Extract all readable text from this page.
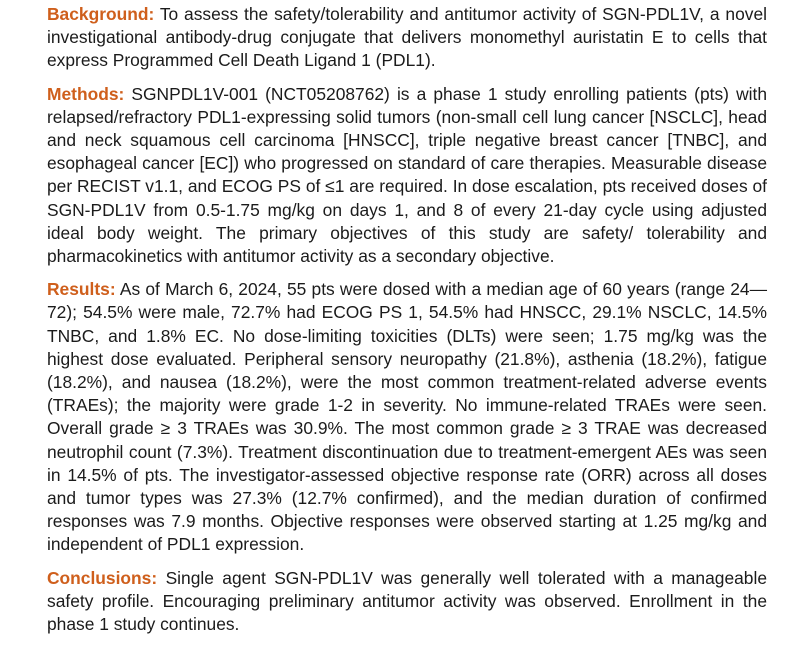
Background: To assess the safety/tolerability and antitumor activity of SGN-PDL1V, a novel investigational antibody-drug conjugate that delivers monomethyl auristatin E to cells that express Programmed Cell Death Ligand 1 (PDL1).

Methods: SGNPDL1V-001 (NCT05208762) is a phase 1 study enrolling patients (pts) with relapsed/refractory PDL1-expressing solid tumors (non-small cell lung cancer [NSCLC], head and neck squamous cell carcinoma [HNSCC], triple negative breast cancer [TNBC], and esophageal cancer [EC]) who progressed on standard of care therapies. Measurable disease per RECIST v1.1, and ECOG PS of ≤1 are required. In dose escalation, pts received doses of SGN-PDL1V from 0.5-1.75 mg/kg on days 1, and 8 of every 21-day cycle using adjusted ideal body weight. The primary objectives of this study are safety/ tolerability and pharmacokinetics with antitumor activity as a secondary objective.

Results: As of March 6, 2024, 55 pts were dosed with a median age of 60 years (range 24—72); 54.5% were male, 72.7% had ECOG PS 1, 54.5% had HNSCC, 29.1% NSCLC, 14.5% TNBC, and 1.8% EC. No dose-limiting toxicities (DLTs) were seen; 1.75 mg/kg was the highest dose evaluated. Peripheral sensory neuropathy (21.8%), asthenia (18.2%), fatigue (18.2%), and nausea (18.2%), were the most common treatment-related adverse events (TRAEs); the majority were grade 1-2 in severity. No immune-related TRAEs were seen. Overall grade ≥ 3 TRAEs was 30.9%. The most common grade ≥ 3 TRAE was decreased neutrophil count (7.3%). Treatment discontinuation due to treatment-emergent AEs was seen in 14.5% of pts. The investigator-assessed objective response rate (ORR) across all doses and tumor types was 27.3% (12.7% confirmed), and the median duration of confirmed responses was 7.9 months. Objective responses were observed starting at 1.25 mg/kg and independent of PDL1 expression.

Conclusions: Single agent SGN-PDL1V was generally well tolerated with a manageable safety profile. Encouraging preliminary antitumor activity was observed. Enrollment in the phase 1 study continues.
